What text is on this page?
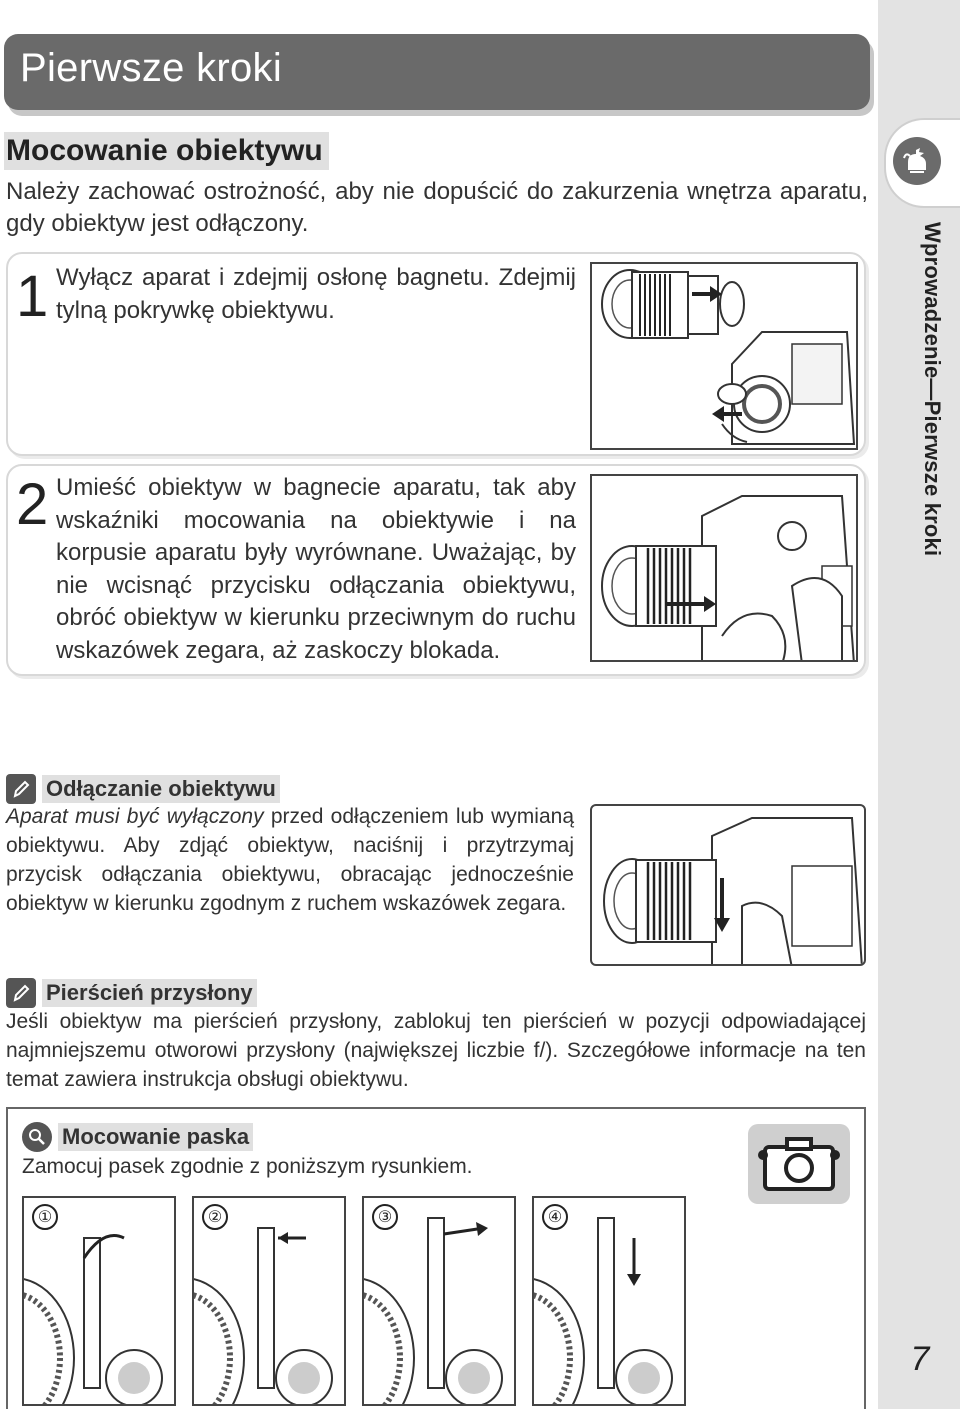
Wprowadzenie—Pierwsze kroki
7
Pierwsze kroki
Mocowanie obiektywu
Należy zachować ostrożność, aby nie dopuścić do zakurzenia wnętrza aparatu, gdy obiektyw jest odłączony.
1 Wyłącz aparat i zdejmij osłonę bagnetu. Zdejmij tylną pokrywkę obiektywu.
2 Umieść obiektyw w bagnecie aparatu, tak aby wskaźniki mocowania na obiektywie i na korpusie aparatu były wyrównane. Uważając, by nie wcisnąć przycisku odłączania obiektywu, obróć obiektyw w kierunku przeciwnym do ruchu wskazówek zegara, aż zaskoczy blokada.
Odłączanie obiektywu
Aparat musi być wyłączony przed odłączeniem lub wymianą obiektywu. Aby zdjąć obiektyw, naciśnij i przytrzymaj przycisk odłączania obiektywu, obracając jednocześnie obiektyw w kierunku zgodnym z ruchem wskazówek zegara.
Pierścień przysłony
Jeśli obiektyw ma pierścień przysłony, zablokuj ten pierścień w pozycji odpowiadającej najmniejszemu otworowi przysłony (największej liczbie f/). Szczegółowe informacje na ten temat zawiera instrukcja obsługi obiektywu.
Mocowanie paska
Zamocuj pasek zgodnie z poniższym rysunkiem.
①	②	③	④
